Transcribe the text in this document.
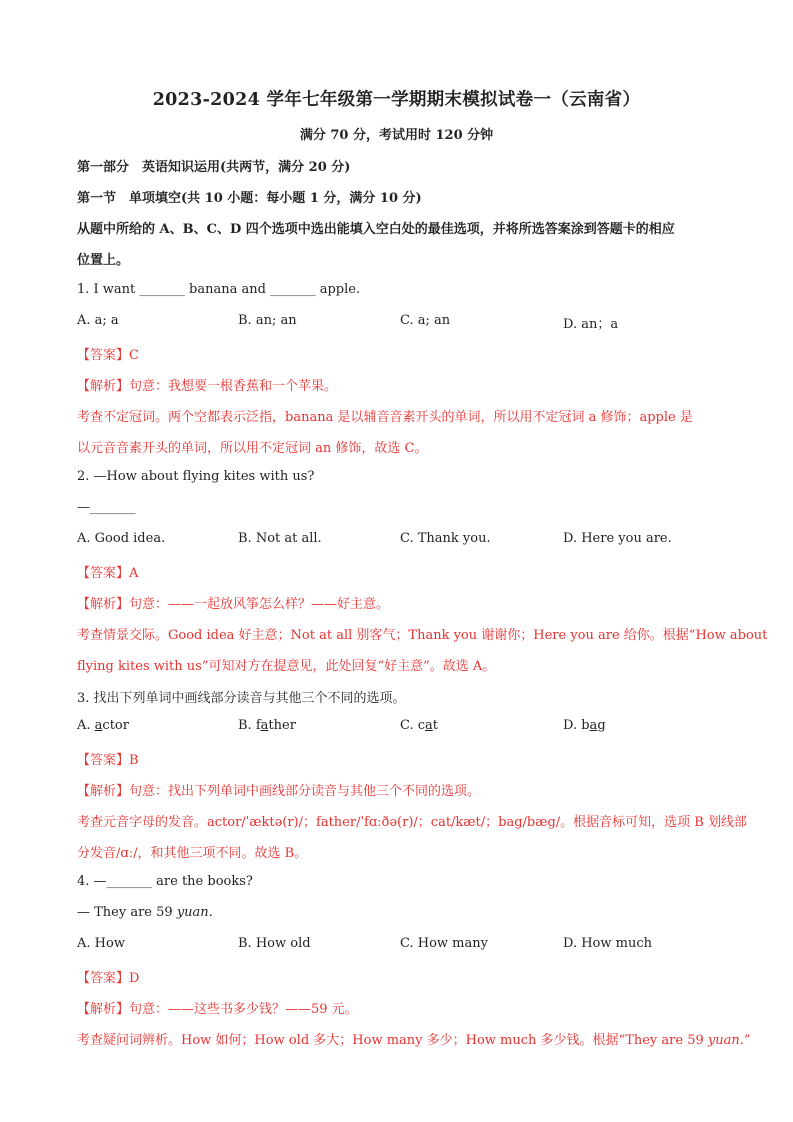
2023-2024 学年七年级第一学期期末模拟试卷一（云南省）
满分 70 分，考试用时 120 分钟
第一部分　英语知识运用(共两节，满分 20 分)
第一节　单项填空(共 10 小题：每小题 1 分，满分 10 分)
从题中所给的 A、B、C、D 四个选项中选出能填入空白处的最佳选项，并将所选答案涂到答题卡的相应
位置上。
1. I want _______ banana and _______ apple.
A. a; a	B. an; an	C. a; an	D. an；a
【答案】C
【解析】句意：我想要一根香蕉和一个苹果。
考查不定冠词。两个空都表示泛指，banana 是以辅音音素开头的单词，所以用不定冠词 a 修饰；apple 是
以元音音素开头的单词，所以用不定冠词 an 修饰，故选 C。
2. —How about flying kites with us?
—_______
A. Good idea.	B. Not at all.	C. Thank you.	D. Here you are.
【答案】A
【解析】句意：——一起放风筝怎么样？——好主意。
考查情景交际。Good idea 好主意；Not at all 别客气；Thank you 谢谢你；Here you are 给你。根据“How about
flying kites with us”可知对方在提意见，此处回复“好主意”。故选 A。
3. 找出下列单词中画线部分读音与其他三个不同的选项。
A. actor	B. father	C. cat	D. bag
【答案】B
【解析】句意：找出下列单词中画线部分读音与其他三个不同的选项。
考查元音字母的发音。actor/ˈæktə(r)/；father/ˈfɑːðə(r)/；cat/kæt/；bag/bæg/。根据音标可知，选项 B 划线部
分发音/ɑː/，和其他三项不同。故选 B。
4. —_______ are the books?
— They are 59 yuan.
A. How	B. How old	C. How many	D. How much
【答案】D
【解析】句意：——这些书多少钱？——59 元。
考查疑问词辨析。How 如何；How old 多大；How many 多少；How much 多少钱。根据“They are 59 yuan.”
